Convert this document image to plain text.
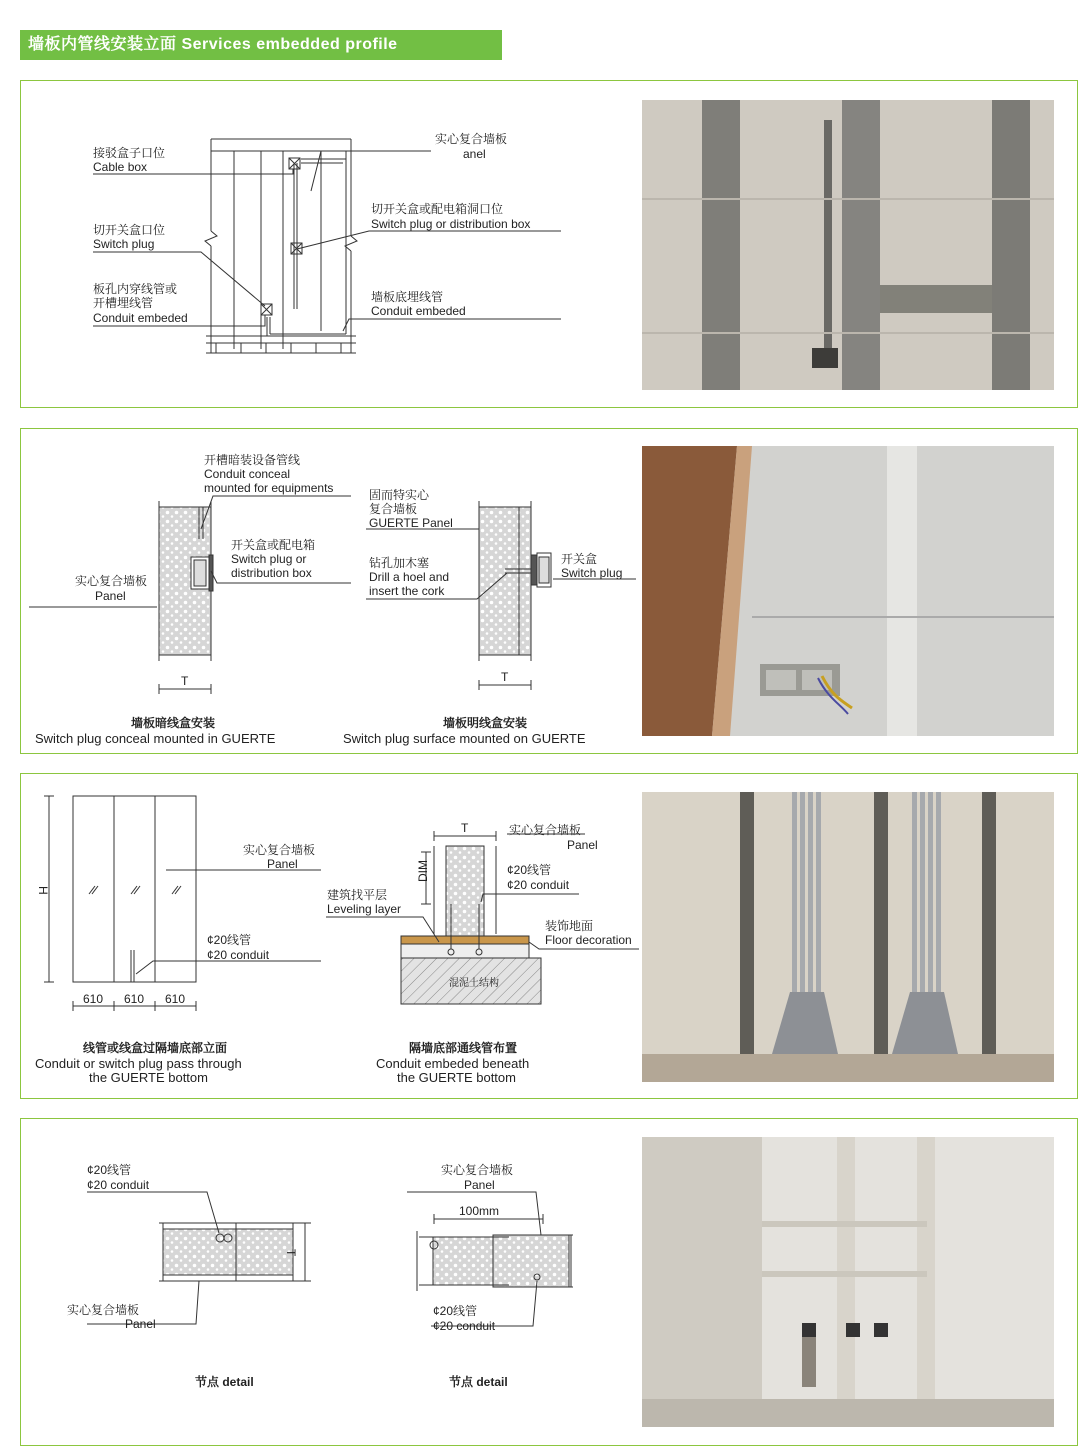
墙板内管线安装立面 Services embedded profile
接驳盒子口位
Cable box
切开关盒口位
Switch plug
板孔内穿线管或
开槽埋线管
Conduit embeded
实心复合墙板
anel
切开关盒或配电箱洞口位
Switch plug or distribution box
墙板底埋线管
Conduit embeded
开槽暗装设备管线
Conduit conceal
mounted for equipments
开关盒或配电箱
Switch plug or
distribution box
实心复合墙板
Panel
T
固而特实心
复合墙板
GUERTE Panel
钻孔加木塞
Drill a hoel and
insert the cork
开关盒
Switch plug
T
墙板暗线盒安装
Switch plug conceal mounted in GUERTE
墙板明线盒安装
Switch plug surface mounted on GUERTE
H
实心复合墙板
Panel
¢20线管
¢20 conduit
610 610 610
T
DIM
实心复合墙板
Panel
¢20线管
¢20 conduit
建筑找平层
Leveling layer
装饰地面
Floor decoration
混泥土结构
线管或线盒过隔墙底部立面
Conduit or switch plug pass through
the GUERTE bottom
隔墙底部通线管布置
Conduit embeded beneath
the GUERTE bottom
¢20线管
¢20 conduit
T
实心复合墙板
Panel
实心复合墙板
Panel
100mm
¢20线管
¢20 conduit
节点 detail	节点 detail
